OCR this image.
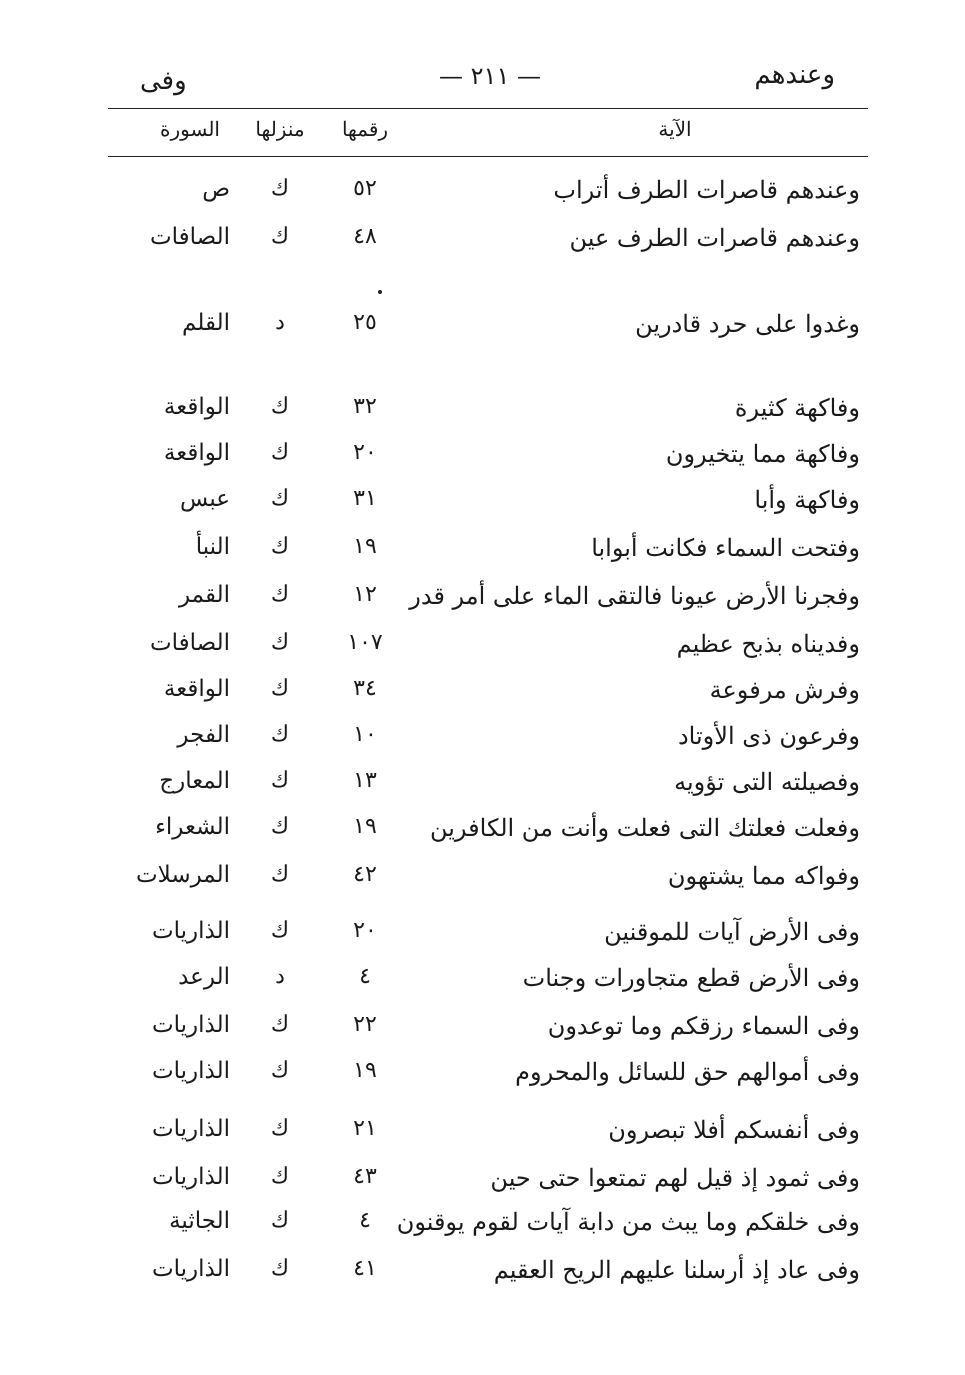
وعندهم
— ٢١١ —
وفى
الآية
رقمها
منزلها
السورة
وعندهم قاصرات الطرف أتراب
٥٢
ك
ص
وعندهم قاصرات الطرف عين
٤٨
ك
الصافات
وغدوا على حرد قادرين
٢٥
د
القلم
وفاكهة كثيرة
٣٢
ك
الواقعة
وفاكهة مما يتخيرون
٢٠
ك
الواقعة
وفاكهة وأبا
٣١
ك
عبس
وفتحت السماء فكانت أبوابا
١٩
ك
النبأ
وفجرنا الأرض عيونا فالتقى الماء على أمر قدر
١٢
ك
القمر
وفديناه بذبح عظيم
١٠٧
ك
الصافات
وفرش مرفوعة
٣٤
ك
الواقعة
وفرعون ذى الأوتاد
١٠
ك
الفجر
وفصيلته التى تؤويه
١٣
ك
المعارج
وفعلت فعلتك التى فعلت وأنت من الكافرين
١٩
ك
الشعراء
وفواكه مما يشتهون
٤٢
ك
المرسلات
وفى الأرض آيات للموقنين
٢٠
ك
الذاريات
وفى الأرض قطع متجاورات وجنات
٤
د
الرعد
وفى السماء رزقكم وما توعدون
٢٢
ك
الذاريات
وفى أموالهم حق للسائل والمحروم
١٩
ك
الذاريات
وفى أنفسكم أفلا تبصرون
٢١
ك
الذاريات
وفى ثمود إذ قيل لهم تمتعوا حتى حين
٤٣
ك
الذاريات
وفى خلقكم وما يبث من دابة آيات لقوم يوقنون
٤
ك
الجاثية
وفى عاد إذ أرسلنا عليهم الريح العقيم
٤١
ك
الذاريات
